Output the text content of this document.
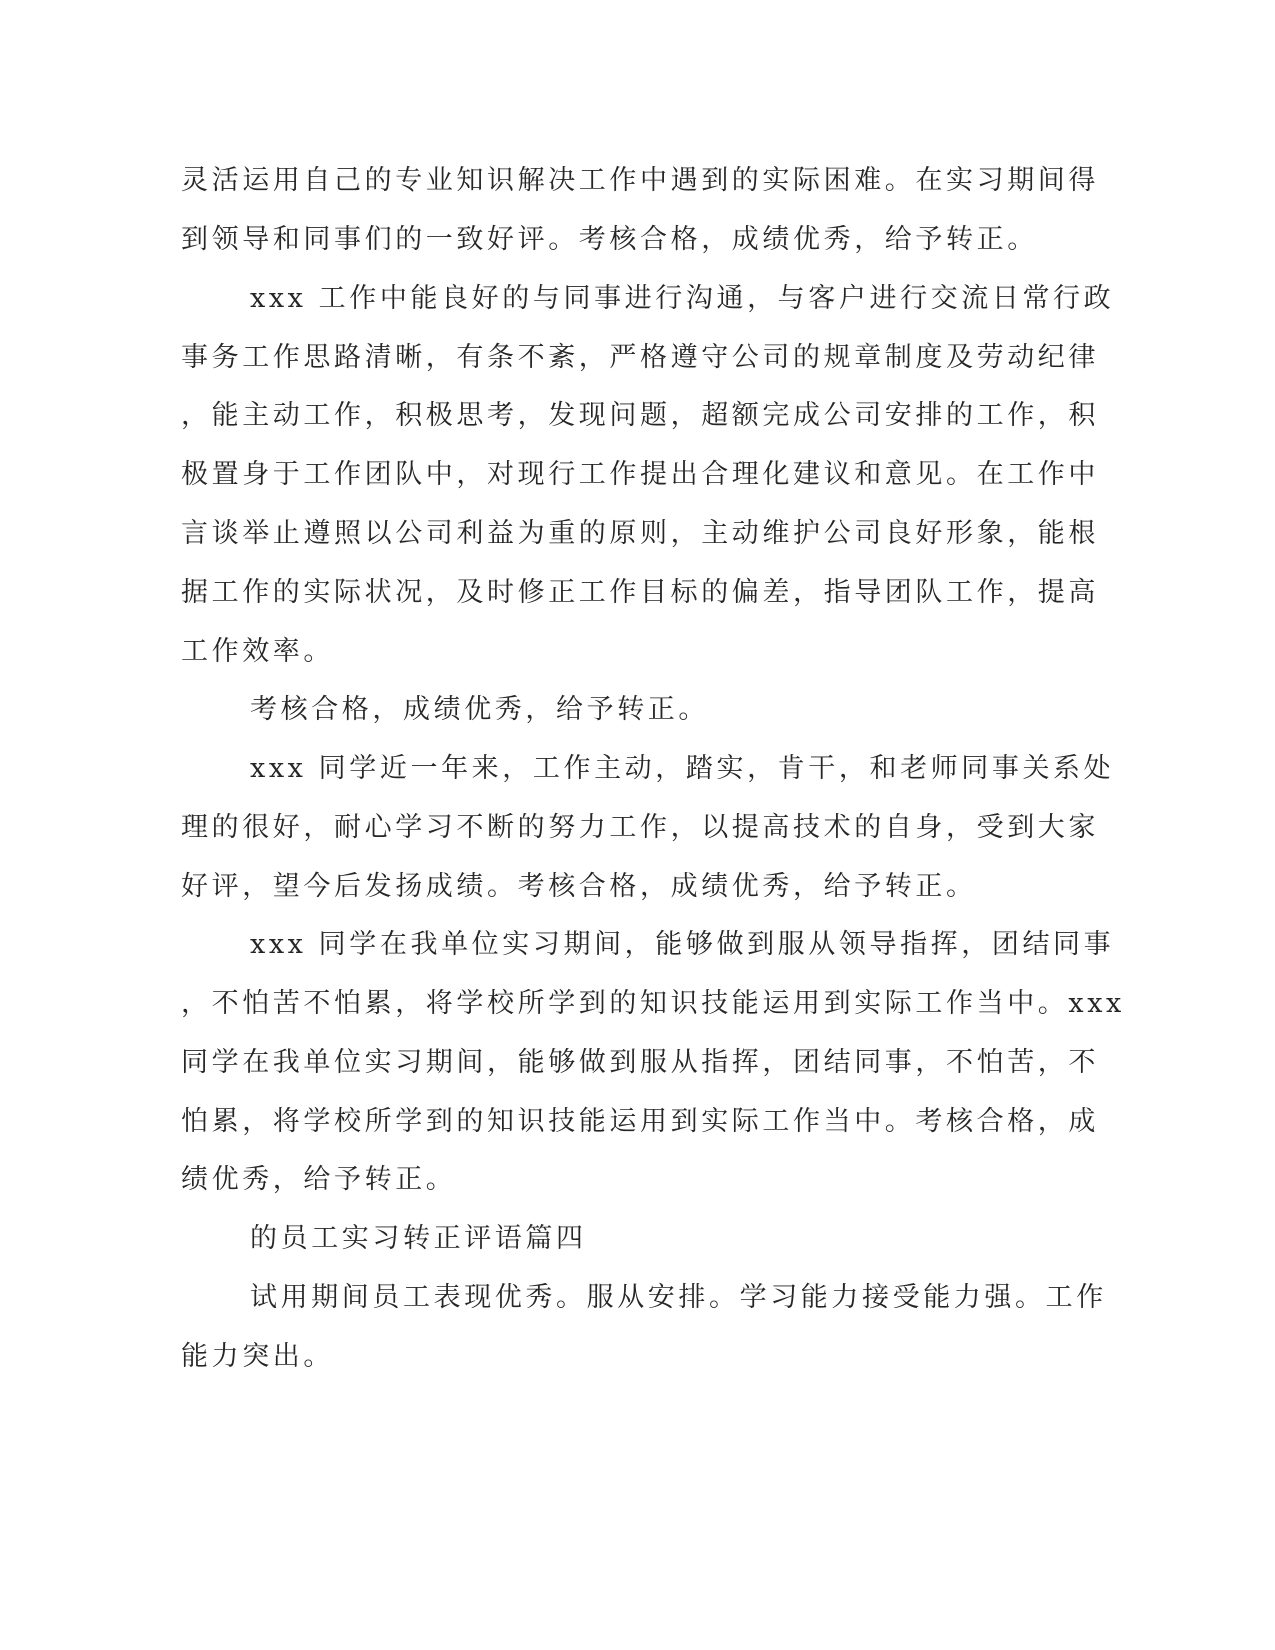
灵活运用自己的专业知识解决工作中遇到的实际困难。在实习期间得
到领导和同事们的一致好评。考核合格，成绩优秀，给予转正。
xxx 工作中能良好的与同事进行沟通，与客户进行交流日常行政
事务工作思路清晰，有条不紊，严格遵守公司的规章制度及劳动纪律
，能主动工作，积极思考，发现问题，超额完成公司安排的工作，积
极置身于工作团队中，对现行工作提出合理化建议和意见。在工作中
言谈举止遵照以公司利益为重的原则，主动维护公司良好形象，能根
据工作的实际状况，及时修正工作目标的偏差，指导团队工作，提高
工作效率。
考核合格，成绩优秀，给予转正。
xxx 同学近一年来，工作主动，踏实，肯干，和老师同事关系处
理的很好，耐心学习不断的努力工作，以提高技术的自身，受到大家
好评，望今后发扬成绩。考核合格，成绩优秀，给予转正。
xxx 同学在我单位实习期间，能够做到服从领导指挥，团结同事
，不怕苦不怕累，将学校所学到的知识技能运用到实际工作当中。xxx
同学在我单位实习期间，能够做到服从指挥，团结同事，不怕苦，不
怕累，将学校所学到的知识技能运用到实际工作当中。考核合格，成
绩优秀，给予转正。
的员工实习转正评语篇四
试用期间员工表现优秀。服从安排。学习能力接受能力强。工作
能力突出。
